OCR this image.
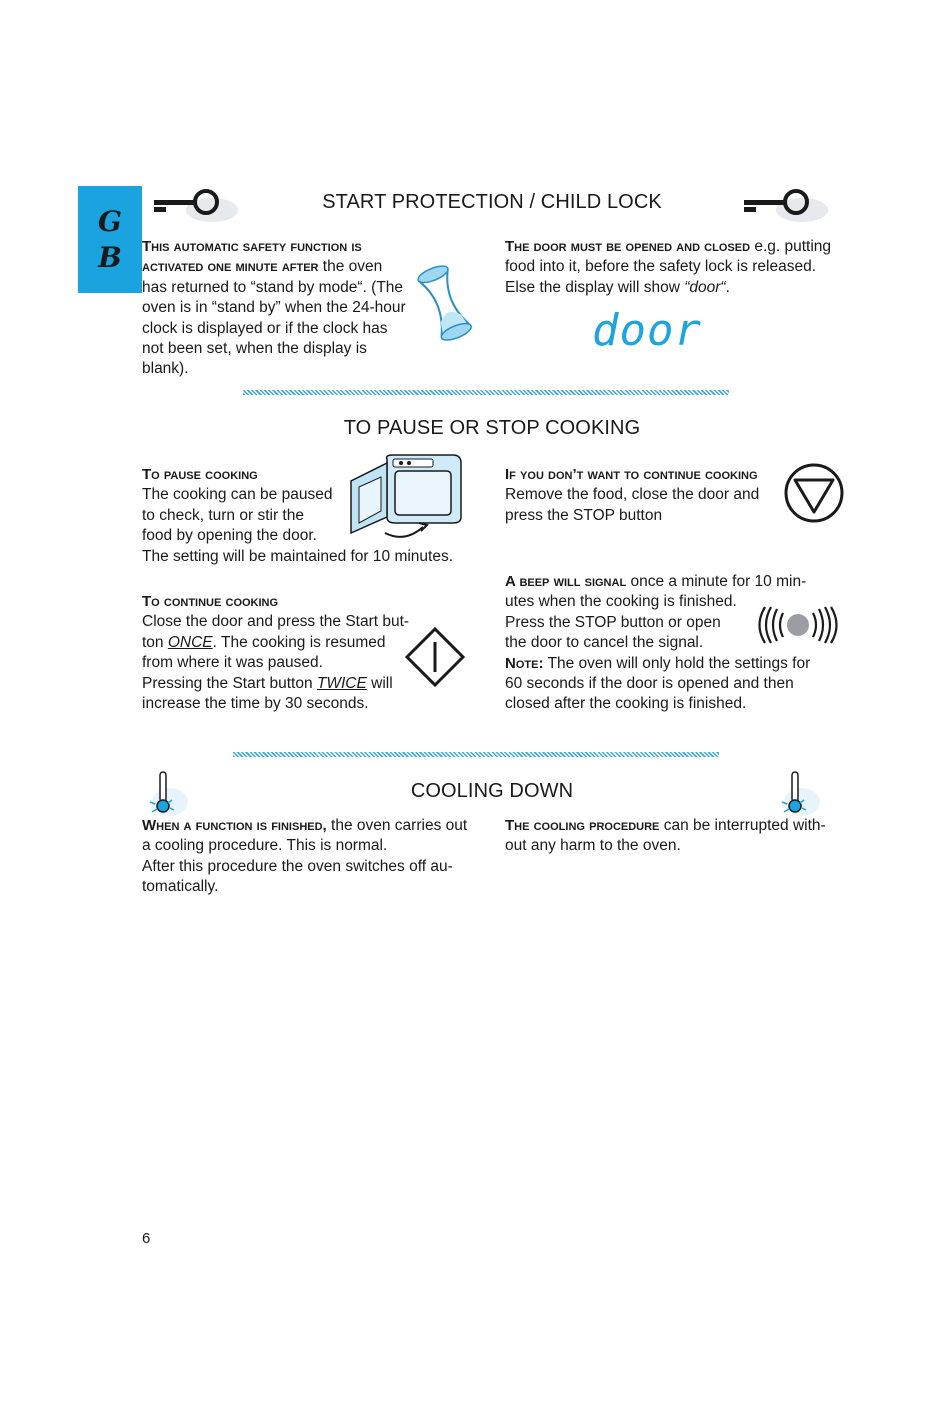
G
B
START PROTECTION / CHILD LOCK
This automatic safety function is activated one minute after the oven has returned to “stand by mode“. (The oven is in “stand by” when the 24-hour clock is displayed or if the clock has not been set, when the display is blank).
The door must be opened and closed e.g. putting food into it, before the safety lock is released. Else the display will show “door“.
door
TO PAUSE OR STOP COOKING
To pause cooking
The cooking can be paused
to check, turn or stir the
food by opening the door.
The setting will be maintained for 10 minutes.
To continue cooking
Close the door and press the Start but-
ton ONCE. The cooking is resumed
from where it was paused.
Pressing the Start button TWICE will
increase the time by 30 seconds.
If you don’t want to continue cooking
Remove the food, close the door and
press the STOP button
A beep will signal once a minute for 10 min-
utes when the cooking is finished.
Press the STOP button or open
the door to cancel the signal.
Note: The oven will only hold the settings for
60 seconds if the door is opened and then
closed after the cooking is finished.
COOLING DOWN
When a function is finished, the oven carries out
a cooling procedure. This is normal.
After this procedure the oven switches off au-
tomatically.
The cooling procedure can be interrupted with-
out any harm to the oven.
6
